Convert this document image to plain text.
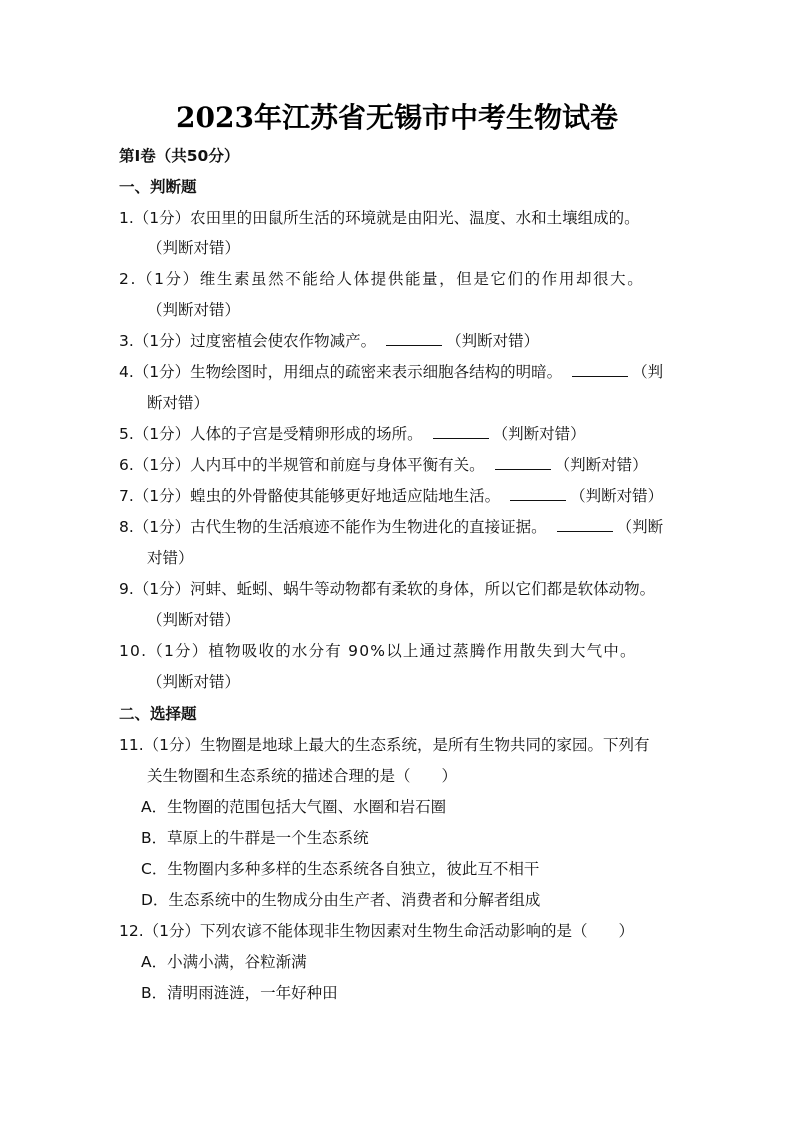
2023年江苏省无锡市中考生物试卷
第Ⅰ卷（共50分）
一、判断题
1.（1分）农田里的田鼠所生活的环境就是由阳光、温度、水和土壤组成的。
（判断对错）
2.（1分）维生素虽然不能给人体提供能量，但是它们的作用却很大。
（判断对错）
3.（1分）过度密植会使农作物减产。	（判断对错）
4.（1分）生物绘图时，用细点的疏密来表示细胞各结构的明暗。	（判
断对错）
5.（1分）人体的子宫是受精卵形成的场所。	（判断对错）
6.（1分）人内耳中的半规管和前庭与身体平衡有关。	（判断对错）
7.（1分）蝗虫的外骨骼使其能够更好地适应陆地生活。	（判断对错）
8.（1分）古代生物的生活痕迹不能作为生物进化的直接证据。	（判断
对错）
9.（1分）河蚌、蚯蚓、蜗牛等动物都有柔软的身体，所以它们都是软体动物。
（判断对错）
10.（1分）植物吸收的水分有 90%以上通过蒸腾作用散失到大气中。
（判断对错）
二、选择题
11.（1分）生物圈是地球上最大的生态系统，是所有生物共同的家园。下列有
关生物圈和生态系统的描述合理的是（　　）
A．生物圈的范围包括大气圈、水圈和岩石圈
B．草原上的牛群是一个生态系统
C．生物圈内多种多样的生态系统各自独立，彼此互不相干
D．生态系统中的生物成分由生产者、消费者和分解者组成
12.（1分）下列农谚不能体现非生物因素对生物生命活动影响的是（　　）
A．小满小满，谷粒渐满
B．清明雨涟涟，一年好种田
